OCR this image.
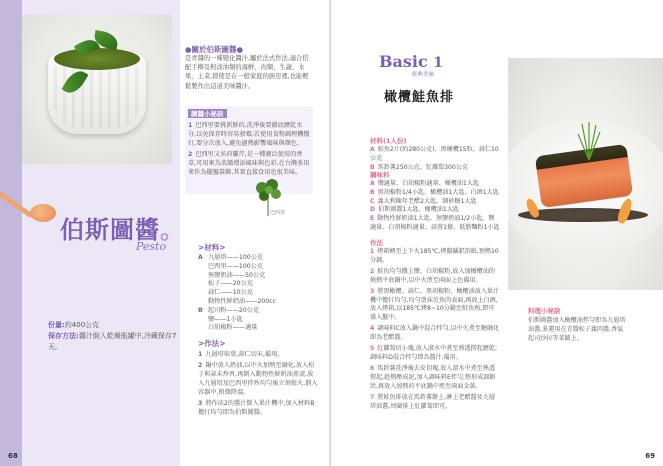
伯斯圖醬。
Pesto
份量:約400公克
保存方法:醬汁倒入乾燥瓶罐中,冷藏保存7天。
●關於伯斯圖醬●
是青醬的一種變化醬汁,屬於法式作法,適合搭配手擀及較淡油類的海鮮、肉類、生蔬、水果、主菜,即使是在一般家庭的廚房裡,也能輕鬆製作出這道美味醬汁。
調醬小秘訣

1 巴西里要挑新鮮的,洗淨後要徹底瀝乾水分,以免保存時容易發霉;若使用食物調理機攪打,要分次放入,避免過熱影響風味與顏色。

2 巴西里又名荷蘭芹,是一種廣泛使用的香草,可用來為菜餚增添風味與色彩,在台灣多用來作為擺盤裝飾,其實直接食用也很美味。

巴西里
>材料>

A 九層塔——100公克

巴西里——100公克

無鹽奶油——50公克

松子——20公克

蒜仁——10公克

動物性鮮奶油——200cc

B 起司粉——20公克

鹽——1小匙

白胡椒粉——適量

>作法>

1 九層塔取葉,蒜仁切末,備用。

2 鍋中放入奶油,以中火加熱至融化,放入松子與蒜末炒香,再倒入動物性鮮奶油煮滾,放入九層塔及巴西里拌炒均勻後立刻熄火,倒入容器中,稍微降溫。

3 將作法2的醬汁倒入果汁機中,加入材料B攪打均勻即為伯斯圖醬。

68
Basic 1
經典美味
橄欖鮭魚排
材料(1人份)

A 鮭魚2片(約280公克)、黑橄欖15粒、蒜仁10公克

B 馬鈴薯250公克、紅蘿蔔300公克

調味料

A 鹽適量、白胡椒粉適量、橄欖油1大匙

B 黑胡椒粉1/4小匙、橄欖油1大匙、白酒1大匙

C 義大利陳年老醋2大匙、細砂糖1大匙

D 伯斯圖醬1大匙、橄欖油1大匙

E 動物性鮮奶油1大匙、無鹽奶油1/2小匙、鹽適量、白胡椒粉適量、蒜蓉1條、低筋麵粉1小匙

作法

1 烤箱轉至上下火185℃,烤盤鋪鋁箔紙,預熱10分鐘。

2 鮭魚均勻撒上鹽、白胡椒粉,放入加橄欖油的燒熱平底鍋中,以中火煎至兩面上色備用。

3 將黑橄欖、蒜仁、黑胡椒粉、橄欖油放入果汁機中攪打均勻,均勻塗抹於魚肉表面,再放上白酒,放入烤箱,以185℃烤8~10分鐘至鮭魚熟,即可盛入盤中。

4 調味料C放入鍋中混合拌勻,以中火煮至糖融化即為老醋醬。

5 紅蘿蔔切小塊,放入滾水中煮至熟透撈起瀝乾;調味料D混合拌勻即為醬汁,備用。

6 馬鈴薯洗淨後去皮切塊,放入滾水中煮至熟透撈起,趁熱壓成泥,加入調味料E拌勻,整形成圓餅狀,再放入加熱的平底鍋中煎至兩面金黃。

7 將鮭魚排放在馬鈴薯餅上,淋上老醋醬及九層塔油醬,周圍排上紅蘿蔔即可。

料理小秘訣
伯斯圖醬加入橄欖油拌勻即為九層塔油醬,多運用在青醬松子義肉醬,香氣起司沙拉等菜餚上。
69
